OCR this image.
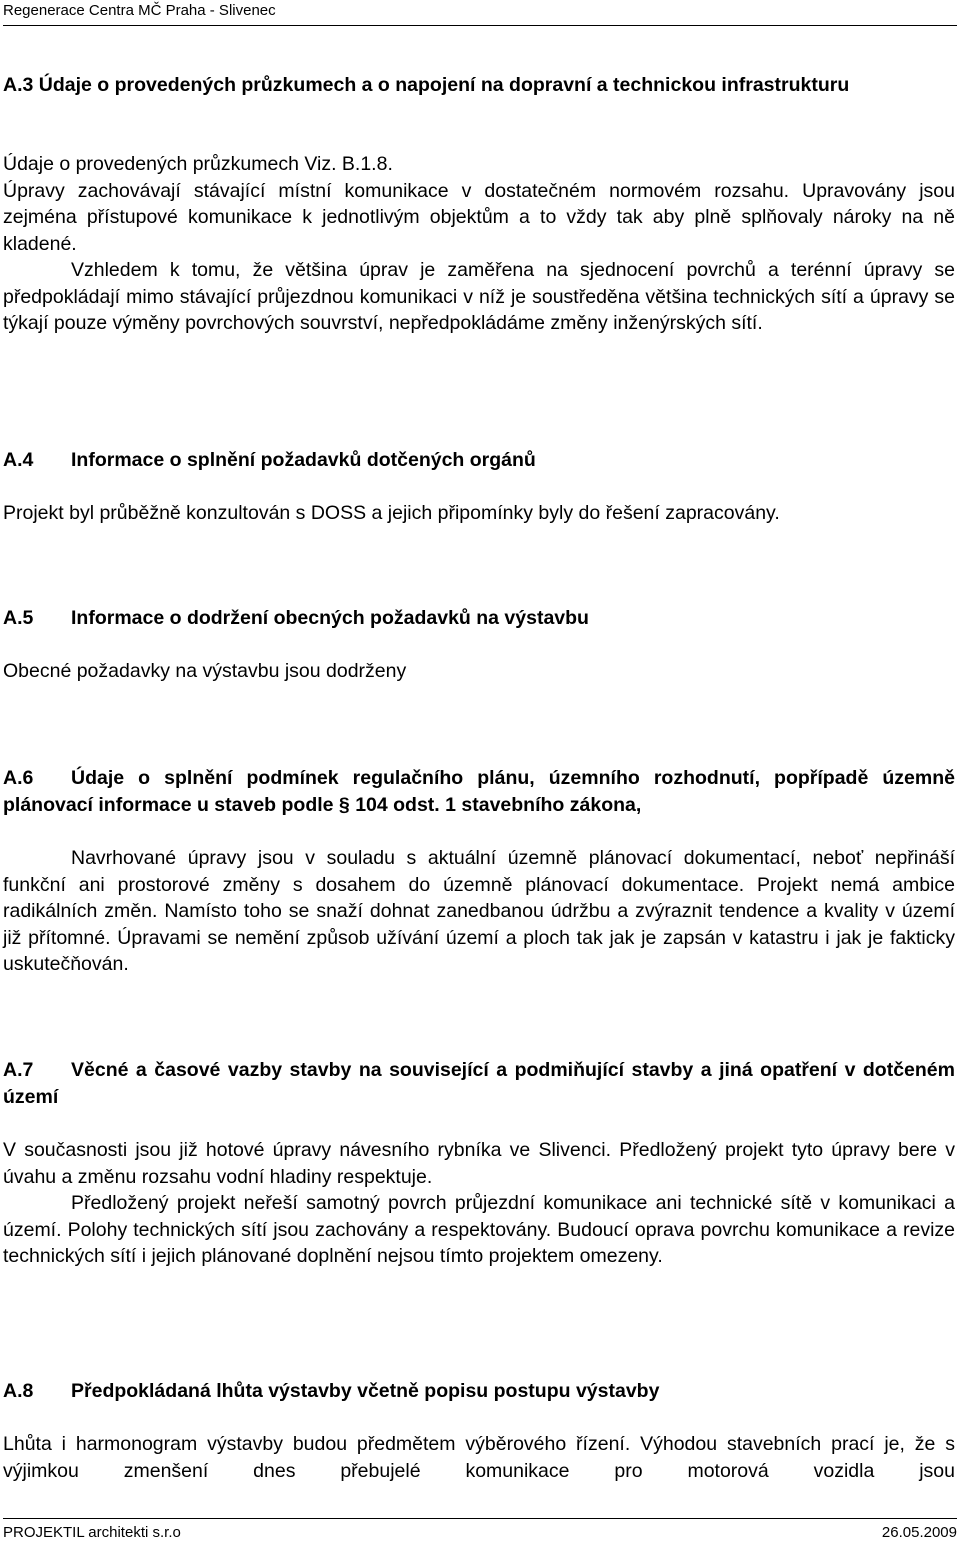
Regenerace Centra MČ Praha - Slivenec
A.3 Údaje o provedených průzkumech a o napojení na dopravní a technickou infrastrukturu

Údaje o provedených průzkumech Viz. B.1.8.

Úpravy zachovávají stávající místní komunikace v dostatečném normovém rozsahu. Upravovány jsou zejména přístupové komunikace k jednotlivým objektům a to vždy tak aby plně splňovaly nároky na ně kladené.

Vzhledem k tomu, že většina úprav je zaměřena na sjednocení povrchů a terénní úpravy se předpokládají mimo stávající průjezdnou komunikaci v níž je soustředěna většina technických sítí a úpravy se týkají pouze výměny povrchových souvrství, nepředpokládáme změny inženýrských sítí.

A.4 Informace o splnění požadavků dotčených orgánů

Projekt byl průběžně konzultován s DOSS a jejich připomínky byly do řešení zapracovány.

A.5 Informace o dodržení obecných požadavků na výstavbu

Obecné požadavky na výstavbu jsou dodrženy

A.6 Údaje o splnění podmínek regulačního plánu, územního rozhodnutí, popřípadě územně plánovací informace u staveb podle § 104 odst. 1 stavebního zákona,

Navrhované úpravy jsou v souladu s aktuální územně plánovací dokumentací, neboť nepřináší funkční ani prostorové změny s dosahem do územně plánovací dokumentace. Projekt nemá ambice radikálních změn. Namísto toho se snaží dohnat zanedbanou údržbu a zvýraznit tendence a kvality v území již přítomné. Úpravami se nemění způsob užívání území a ploch tak jak je zapsán v katastru i jak je fakticky uskutečňován.

A.7 Věcné a časové vazby stavby na související a podmiňující stavby a jiná opatření v dotčeném území

V současnosti jsou již hotové úpravy návesního rybníka ve Slivenci. Předložený projekt tyto úpravy bere v úvahu a změnu rozsahu vodní hladiny respektuje.

Předložený projekt neřeší samotný povrch průjezdní komunikace ani technické sítě v komunikaci a území. Polohy technických sítí jsou zachovány a respektovány. Budoucí oprava povrchu komunikace a revize technických sítí i jejich plánované doplnění nejsou tímto projektem omezeny.

A.8 Předpokládaná lhůta výstavby včetně popisu postupu výstavby

Lhůta i harmonogram výstavby budou předmětem výběrového řízení. Výhodou stavebních prací je, že s výjimkou zmenšení dnes přebujelé komunikace pro motorová vozidla jsou

PROJEKTIL architekti s.r.o	26.05.2009
